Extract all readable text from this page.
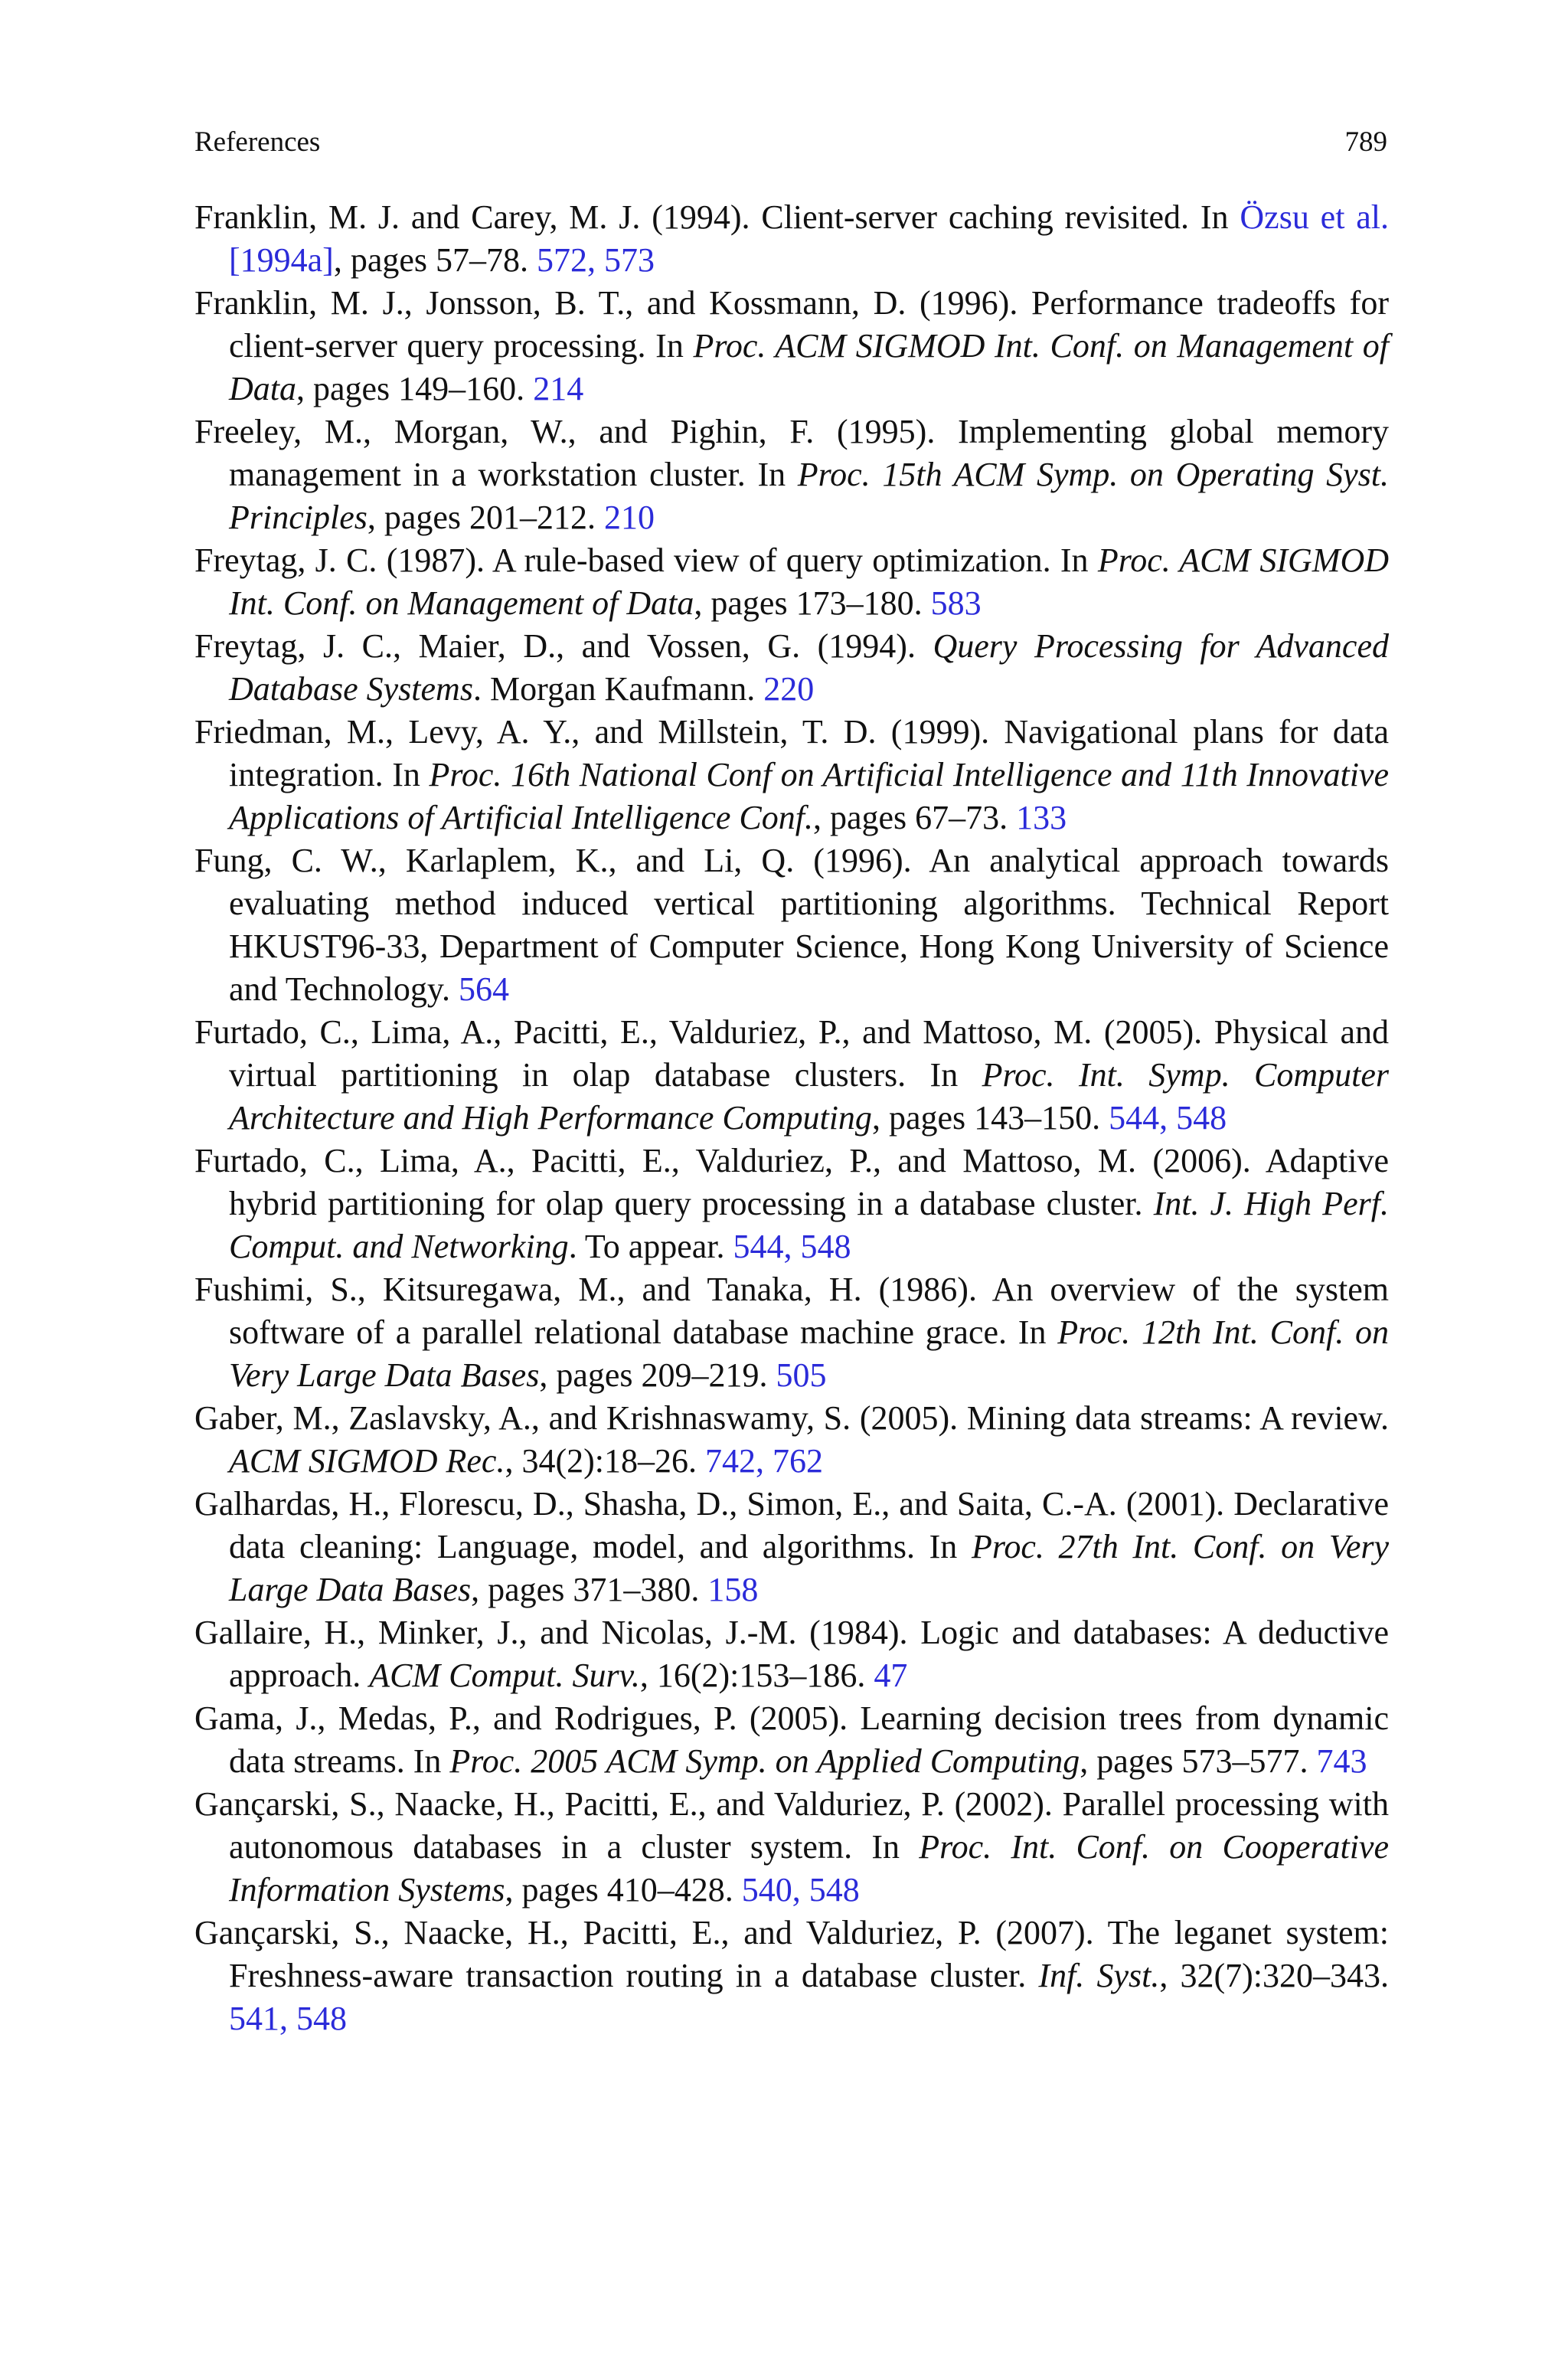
References	789

Franklin, M. J. and Carey, M. J. (1994). Client-server caching revisited. In Özsu et al. [1994a], pages 57–78. 572, 573

Franklin, M. J., Jonsson, B. T., and Kossmann, D. (1996). Performance tradeoffs for client-server query processing. In Proc. ACM SIGMOD Int. Conf. on Management of Data, pages 149–160. 214

Freeley, M., Morgan, W., and Pighin, F. (1995). Implementing global memory management in a workstation cluster. In Proc. 15th ACM Symp. on Operating Syst. Principles, pages 201–212. 210

Freytag, J. C. (1987). A rule-based view of query optimization. In Proc. ACM SIGMOD Int. Conf. on Management of Data, pages 173–180. 583

Freytag, J. C., Maier, D., and Vossen, G. (1994). Query Processing for Advanced Database Systems. Morgan Kaufmann. 220

Friedman, M., Levy, A. Y., and Millstein, T. D. (1999). Navigational plans for data integration. In Proc. 16th National Conf on Artificial Intelligence and 11th Innovative Applications of Artificial Intelligence Conf., pages 67–73. 133

Fung, C. W., Karlaplem, K., and Li, Q. (1996). An analytical approach towards evaluating method induced vertical partitioning algorithms. Technical Report HKUST96-33, Department of Computer Science, Hong Kong University of Science and Technology. 564

Furtado, C., Lima, A., Pacitti, E., Valduriez, P., and Mattoso, M. (2005). Physical and virtual partitioning in olap database clusters. In Proc. Int. Symp. Computer Architecture and High Performance Computing, pages 143–150. 544, 548

Furtado, C., Lima, A., Pacitti, E., Valduriez, P., and Mattoso, M. (2006). Adaptive hybrid partitioning for olap query processing in a database cluster. Int. J. High Perf. Comput. and Networking. To appear. 544, 548

Fushimi, S., Kitsuregawa, M., and Tanaka, H. (1986). An overview of the system software of a parallel relational database machine grace. In Proc. 12th Int. Conf. on Very Large Data Bases, pages 209–219. 505

Gaber, M., Zaslavsky, A., and Krishnaswamy, S. (2005). Mining data streams: A review. ACM SIGMOD Rec., 34(2):18–26. 742, 762

Galhardas, H., Florescu, D., Shasha, D., Simon, E., and Saita, C.-A. (2001). Declarative data cleaning: Language, model, and algorithms. In Proc. 27th Int. Conf. on Very Large Data Bases, pages 371–380. 158

Gallaire, H., Minker, J., and Nicolas, J.-M. (1984). Logic and databases: A deductive approach. ACM Comput. Surv., 16(2):153–186. 47

Gama, J., Medas, P., and Rodrigues, P. (2005). Learning decision trees from dynamic data streams. In Proc. 2005 ACM Symp. on Applied Computing, pages 573–577. 743

Gançarski, S., Naacke, H., Pacitti, E., and Valduriez, P. (2002). Parallel processing with autonomous databases in a cluster system. In Proc. Int. Conf. on Cooperative Information Systems, pages 410–428. 540, 548

Gançarski, S., Naacke, H., Pacitti, E., and Valduriez, P. (2007). The leganet system: Freshness-aware transaction routing in a database cluster. Inf. Syst., 32(7):320–343. 541, 548
